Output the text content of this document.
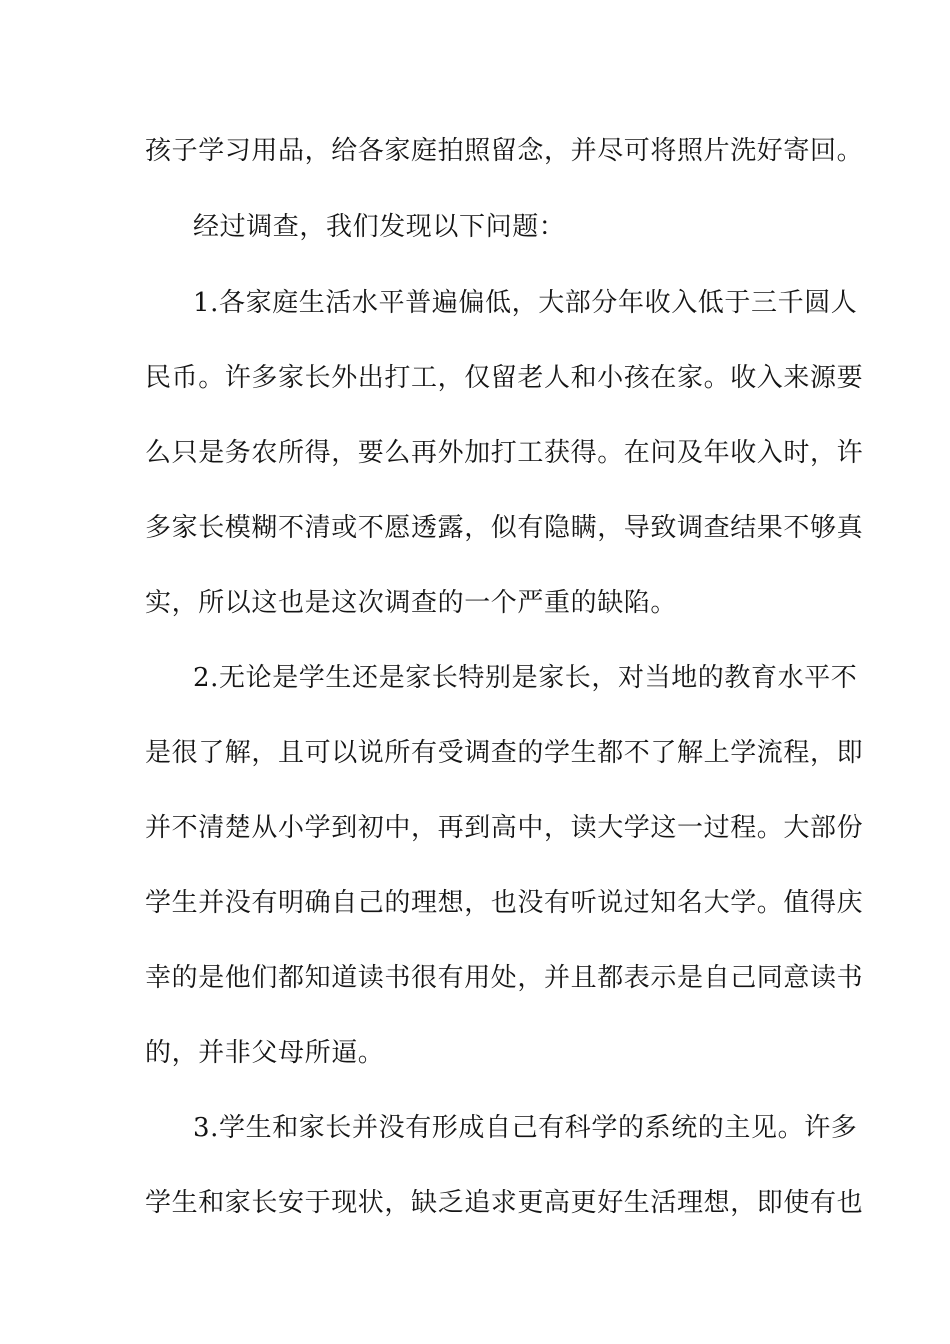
孩子学习用品，给各家庭拍照留念，并尽可将照片洗好寄回。
经过调查，我们发现以下问题：
1.各家庭生活水平普遍偏低，大部分年收入低于三千圆人
民币。许多家长外出打工，仅留老人和小孩在家。收入来源要
么只是务农所得，要么再外加打工获得。在问及年收入时，许
多家长模糊不清或不愿透露，似有隐瞒，导致调查结果不够真
实，所以这也是这次调查的一个严重的缺陷。
2.无论是学生还是家长特别是家长，对当地的教育水平不
是很了解，且可以说所有受调查的学生都不了解上学流程，即
并不清楚从小学到初中，再到高中，读大学这一过程。大部份
学生并没有明确自己的理想，也没有听说过知名大学。值得庆
幸的是他们都知道读书很有用处，并且都表示是自己同意读书
的，并非父母所逼。
3.学生和家长并没有形成自己有科学的系统的主见。许多
学生和家长安于现状，缺乏追求更高更好生活理想，即使有也
